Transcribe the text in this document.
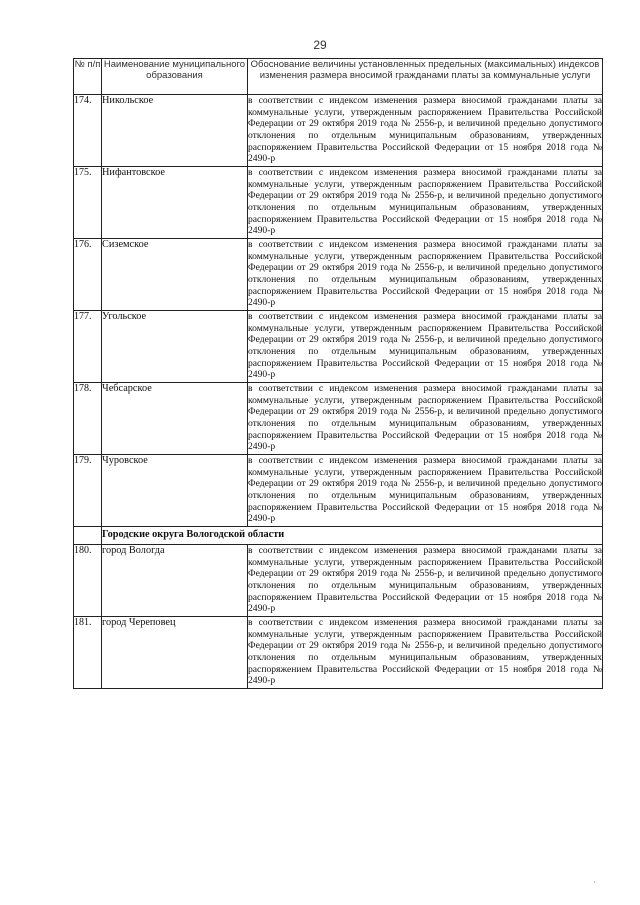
29
№ п/п	Наименование муниципального образования	Обоснование величины установленных предельных (максимальных) индексов изменения размера вносимой гражданами платы за коммунальные услуги
174.	Никольское	в соответствии с индексом изменения размера вносимой гражданами платы за коммунальные услуги, утвержденным распоряжением Правительства Российской Федерации от 29 октября 2019 года № 2556-р, и величиной предельно допустимого отклонения по отдельным муниципальным образованиям, утвержденных распоряжением Правительства Российской Федерации от 15 ноября 2018 года № 2490-р
175.	Нифантовское	в соответствии с индексом изменения размера вносимой гражданами платы за коммунальные услуги, утвержденным распоряжением Правительства Российской Федерации от 29 октября 2019 года № 2556-р, и величиной предельно допустимого отклонения по отдельным муниципальным образованиям, утвержденных распоряжением Правительства Российской Федерации от 15 ноября 2018 года № 2490-р
176.	Сиземское	в соответствии с индексом изменения размера вносимой гражданами платы за коммунальные услуги, утвержденным распоряжением Правительства Российской Федерации от 29 октября 2019 года № 2556-р, и величиной предельно допустимого отклонения по отдельным муниципальным образованиям, утвержденных распоряжением Правительства Российской Федерации от 15 ноября 2018 года № 2490-р
177.	Угольское	в соответствии с индексом изменения размера вносимой гражданами платы за коммунальные услуги, утвержденным распоряжением Правительства Российской Федерации от 29 октября 2019 года № 2556-р, и величиной предельно допустимого отклонения по отдельным муниципальным образованиям, утвержденных распоряжением Правительства Российской Федерации от 15 ноября 2018 года № 2490-р
178.	Чебсарское	в соответствии с индексом изменения размера вносимой гражданами платы за коммунальные услуги, утвержденным распоряжением Правительства Российской Федерации от 29 октября 2019 года № 2556-р, и величиной предельно допустимого отклонения по отдельным муниципальным образованиям, утвержденных распоряжением Правительства Российской Федерации от 15 ноября 2018 года № 2490-р
179.	Чуровское	в соответствии с индексом изменения размера вносимой гражданами платы за коммунальные услуги, утвержденным распоряжением Правительства Российской Федерации от 29 октября 2019 года № 2556-р, и величиной предельно допустимого отклонения по отдельным муниципальным образованиям, утвержденных распоряжением Правительства Российской Федерации от 15 ноября 2018 года № 2490-р
	Городские округа Вологодской области	
180.	город Вологда	в соответствии с индексом изменения размера вносимой гражданами платы за коммунальные услуги, утвержденным распоряжением Правительства Российской Федерации от 29 октября 2019 года № 2556-р, и величиной предельно допустимого отклонения по отдельным муниципальным образованиям, утвержденных распоряжением Правительства Российской Федерации от 15 ноября 2018 года № 2490-р
181.	город Череповец	в соответствии с индексом изменения размера вносимой гражданами платы за коммунальные услуги, утвержденным распоряжением Правительства Российской Федерации от 29 октября 2019 года № 2556-р, и величиной предельно допустимого отклонения по отдельным муниципальным образованиям, утвержденных распоряжением Правительства Российской Федерации от 15 ноября 2018 года № 2490-р
·
